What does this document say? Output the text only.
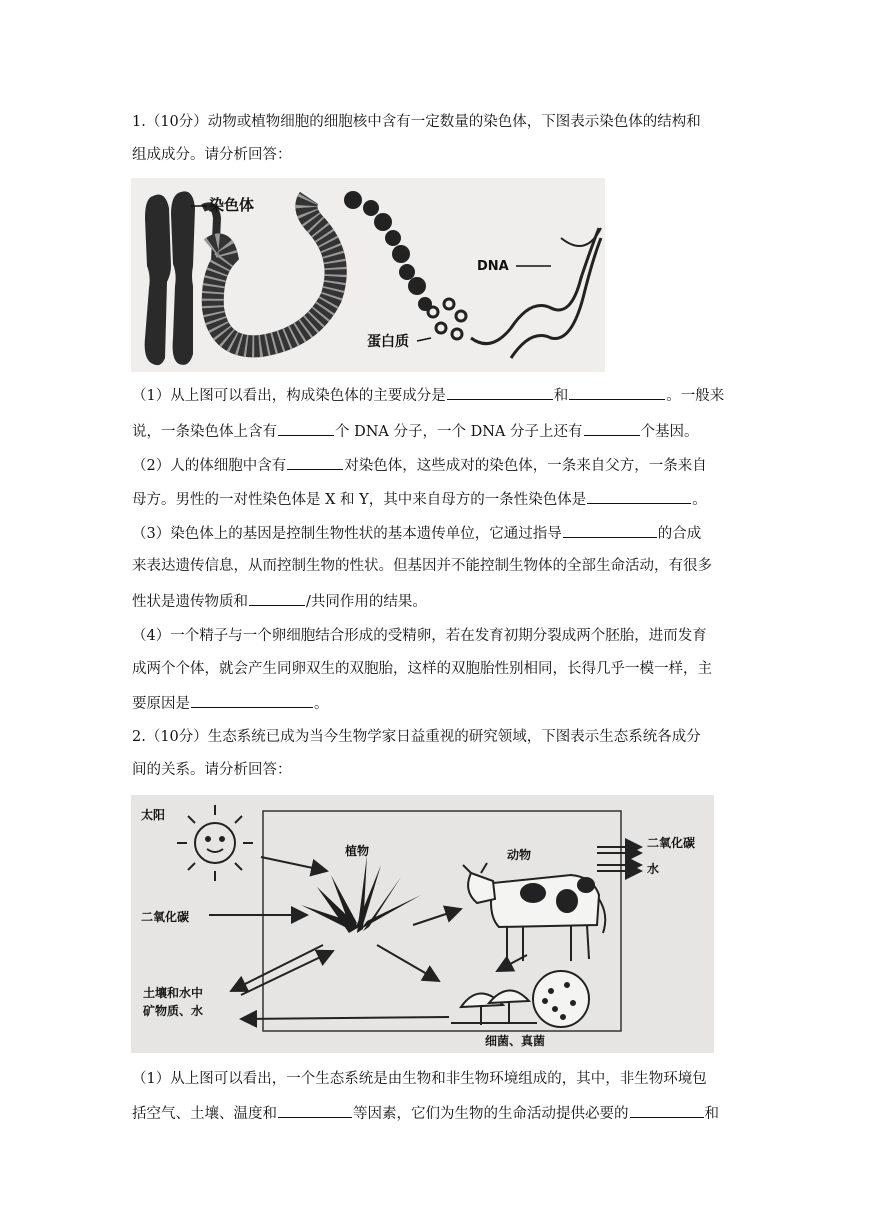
1.（10分）动物或植物细胞的细胞核中含有一定数量的染色体，下图表示染色体的结构和
组成成分。请分析回答：
染色体
DNA
蛋白质
（1）从上图可以看出，构成染色体的主要成分是	和	。一般来
说，一条染色体上含有	个 DNA 分子，一个 DNA 分子上还有	个基因。
（2）人的体细胞中含有	对染色体，这些成对的染色体，一条来自父方，一条来自
母方。男性的一对性染色体是 X 和 Y，其中来自母方的一条性染色体是	。
（3）染色体上的基因是控制生物性状的基本遗传单位，它通过指导	的合成
来表达遗传信息，从而控制生物的性状。但基因并不能控制生物体的全部生命活动，有很多
性状是遗传物质和	/共同作用的结果。
（4）一个精子与一个卵细胞结合形成的受精卵，若在发育初期分裂成两个胚胎，进而发育
成两个个体，就会产生同卵双生的双胞胎，这样的双胞胎性别相同，长得几乎一模一样，主
要原因是	。
2.（10分）生态系统已成为当今生物学家日益重视的研究领域，下图表示生态系统各成分
间的关系。请分析回答：
太阳
植物	动物
二氧化碳
二氧化碳
水
土壤和水中
矿物质、水
细菌、真菌
（1）从上图可以看出，一个生态系统是由生物和非生物环境组成的，其中，非生物环境包
括空气、土壤、温度和	等因素，它们为生物的生命活动提供必要的	和
